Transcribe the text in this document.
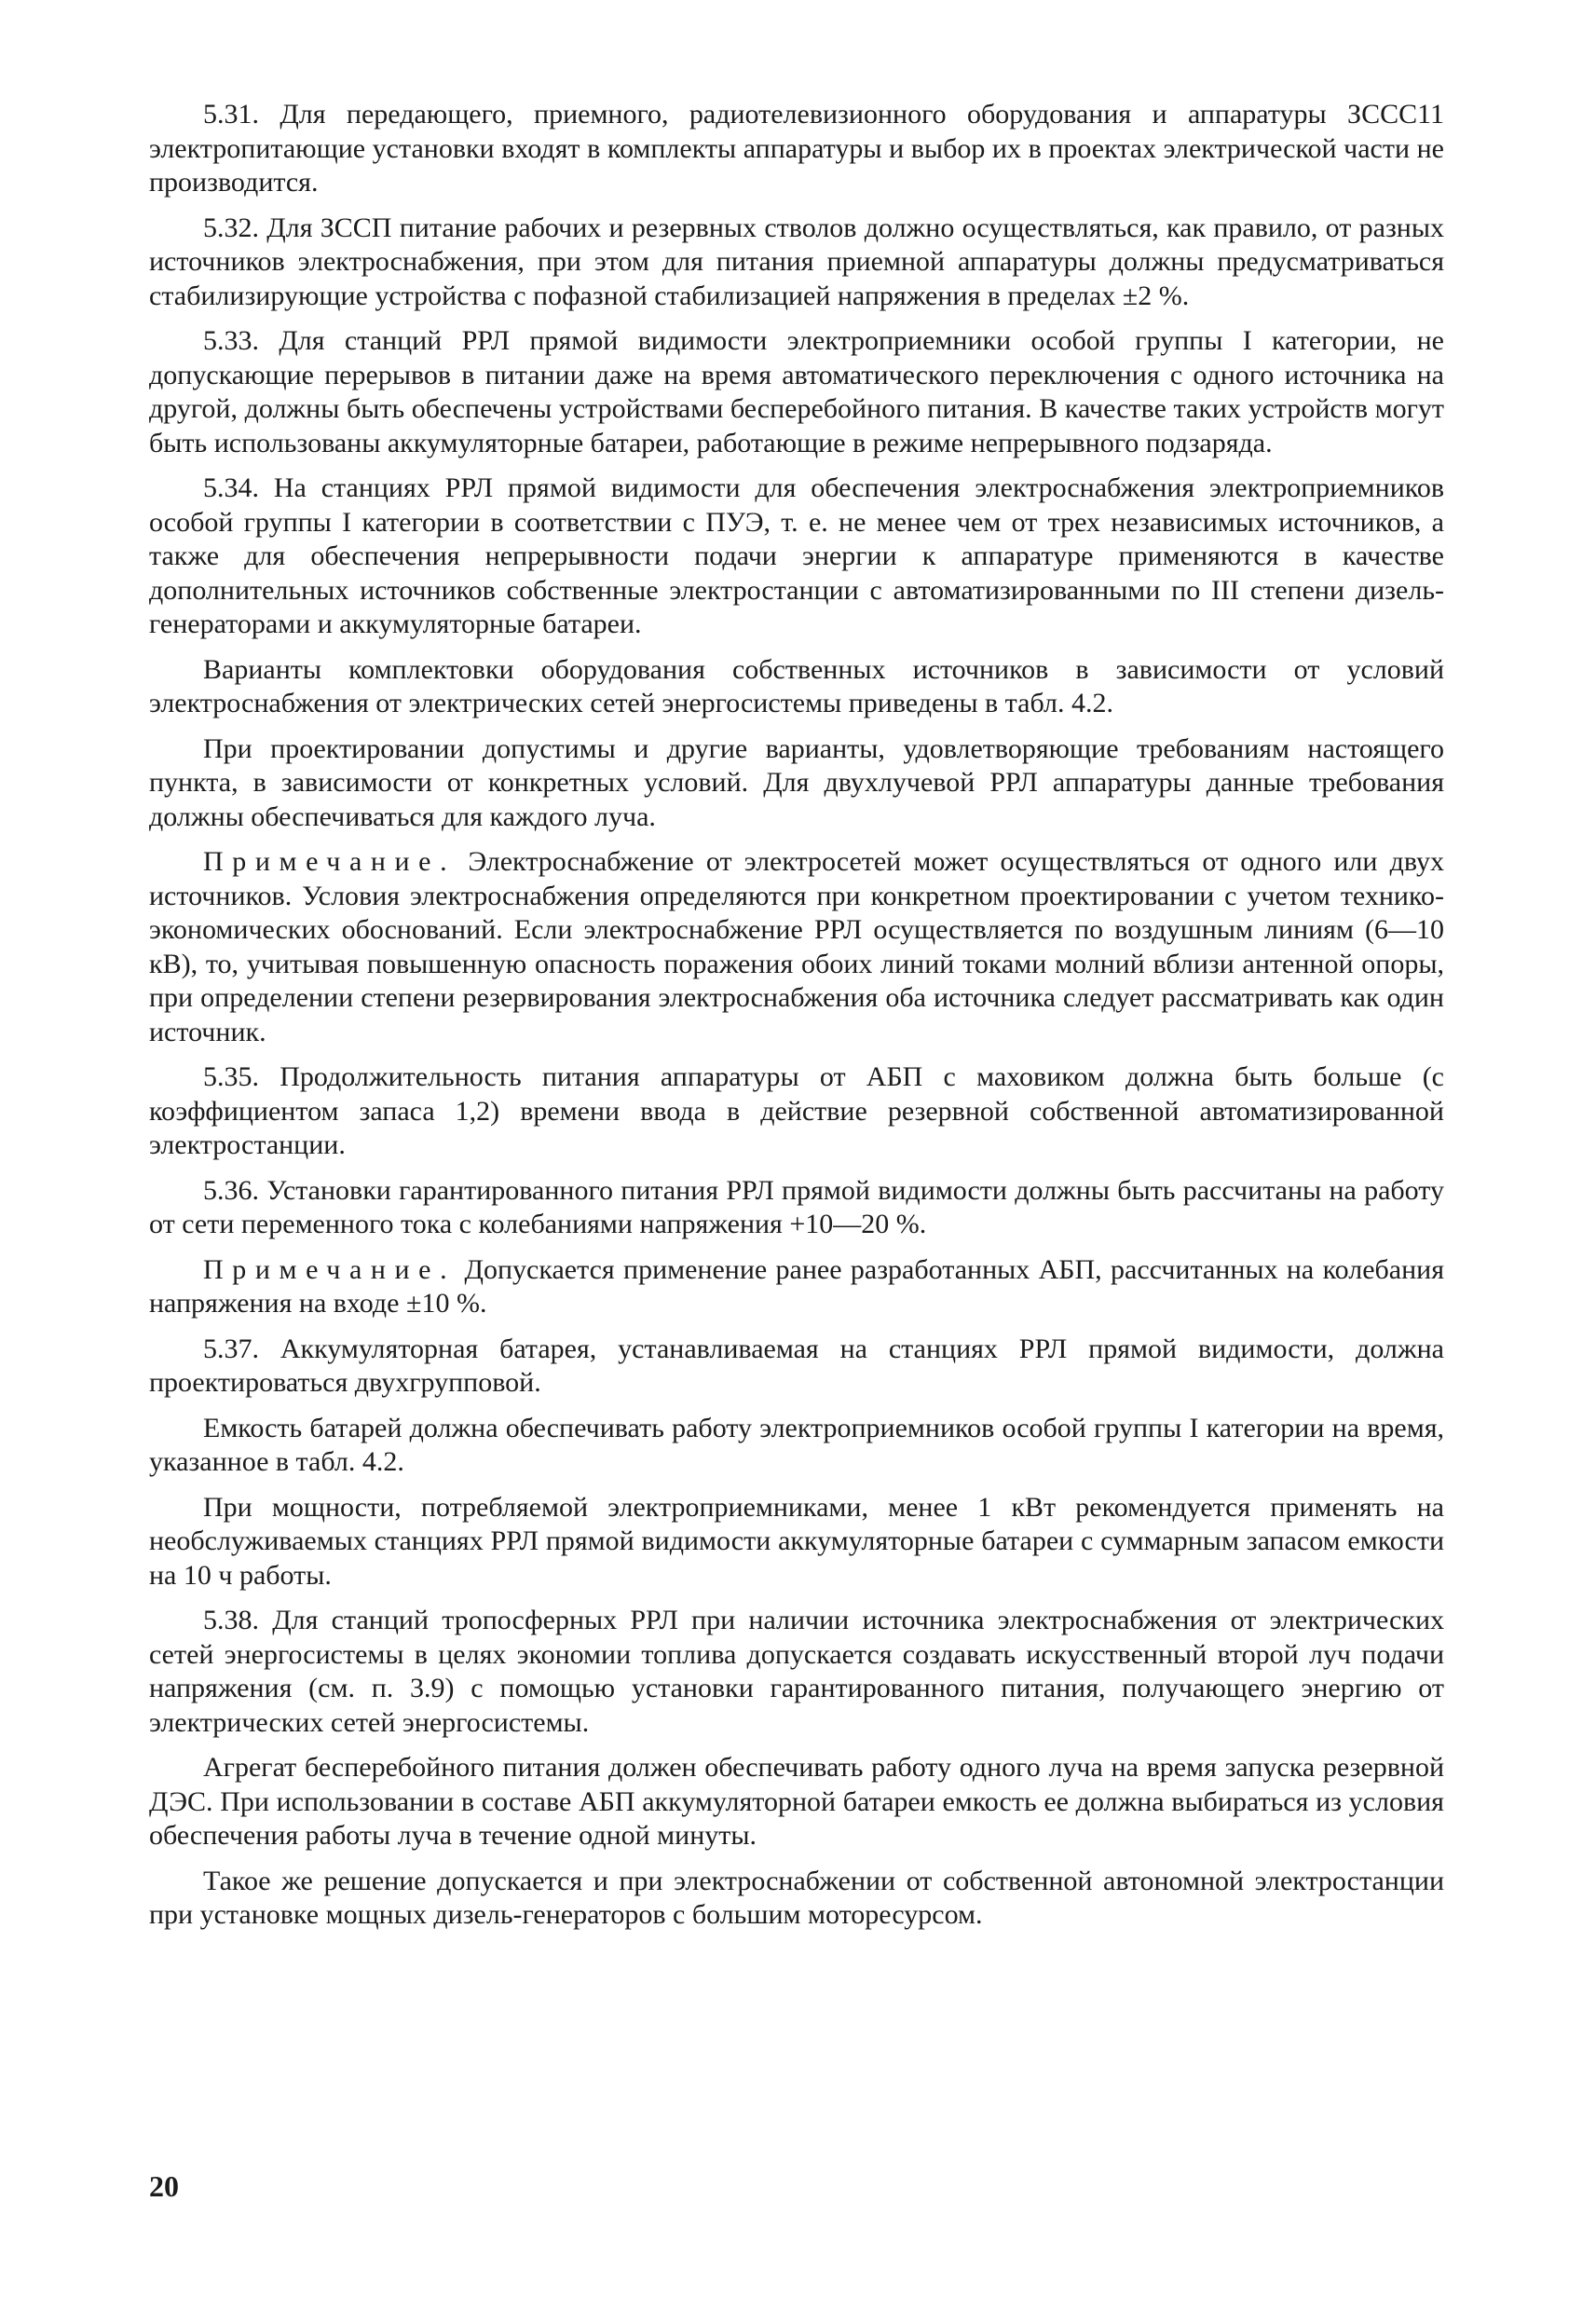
5.31. Для передающего, приемного, радиотелевизионного оборудования и аппаратуры ЗССС11 электропитающие установки входят в комплекты аппаратуры и выбор их в проектах электрической части не производится.

5.32. Для ЗССП питание рабочих и резервных стволов должно осуществляться, как правило, от разных источников электроснабжения, при этом для питания приемной аппаратуры должны предусматриваться стабилизирующие устройства с пофазной стабилизацией напряжения в пределах ±2 %.

5.33. Для станций РРЛ прямой видимости электроприемники особой группы I категории, не допускающие перерывов в питании даже на время автоматического переключения с одного источника на другой, должны быть обеспечены устройствами бесперебойного питания. В качестве таких устройств могут быть использованы аккумуляторные батареи, работающие в режиме непрерывного подзаряда.

5.34. На станциях РРЛ прямой видимости для обеспечения электроснабжения электроприемников особой группы I категории в соответствии с ПУЭ, т. е. не менее чем от трех независимых источников, а также для обеспечения непрерывности подачи энергии к аппаратуре применяются в качестве дополнительных источников собственные электростанции с автоматизированными по III степени дизель-генераторами и аккумуляторные батареи.

Варианты комплектовки оборудования собственных источников в зависимости от условий электроснабжения от электрических сетей энергосистемы приведены в табл. 4.2.

При проектировании допустимы и другие варианты, удовлетворяющие требованиям настоящего пункта, в зависимости от конкретных условий. Для двухлучевой РРЛ аппаратуры данные требования должны обеспечиваться для каждого луча.

Примечание. Электроснабжение от электросетей может осуществляться от одного или двух источников. Условия электроснабжения определяются при конкретном проектировании с учетом технико-экономических обоснований. Если электроснабжение РРЛ осуществляется по воздушным линиям (6—10 кВ), то, учитывая повышенную опасность поражения обоих линий токами молний вблизи антенной опоры, при определении степени резервирования электроснабжения оба источника следует рассматривать как один источник.

5.35. Продолжительность питания аппаратуры от АБП с маховиком должна быть больше (с коэффициентом запаса 1,2) времени ввода в действие резервной собственной автоматизированной электростанции.

5.36. Установки гарантированного питания РРЛ прямой видимости должны быть рассчитаны на работу от сети переменного тока с колебаниями напряжения +10—20 %.

Примечание. Допускается применение ранее разработанных АБП, рассчитанных на колебания напряжения на входе ±10 %.

5.37. Аккумуляторная батарея, устанавливаемая на станциях РРЛ прямой видимости, должна проектироваться двухгрупповой.

Емкость батарей должна обеспечивать работу электроприемников особой группы I категории на время, указанное в табл. 4.2.

При мощности, потребляемой электроприемниками, менее 1 кВт рекомендуется применять на необслуживаемых станциях РРЛ прямой видимости аккумуляторные батареи с суммарным запасом емкости на 10 ч работы.

5.38. Для станций тропосферных РРЛ при наличии источника электроснабжения от электрических сетей энергосистемы в целях экономии топлива допускается создавать искусственный второй луч подачи напряжения (см. п. 3.9) с помощью установки гарантированного питания, получающего энергию от электрических сетей энергосистемы.

Агрегат бесперебойного питания должен обеспечивать работу одного луча на время запуска резервной ДЭС. При использовании в составе АБП аккумуляторной батареи емкость ее должна выбираться из условия обеспечения работы луча в течение одной минуты.

Такое же решение допускается и при электроснабжении от собственной автономной электростанции при установке мощных дизель-генераторов с большим моторесурсом.

20
